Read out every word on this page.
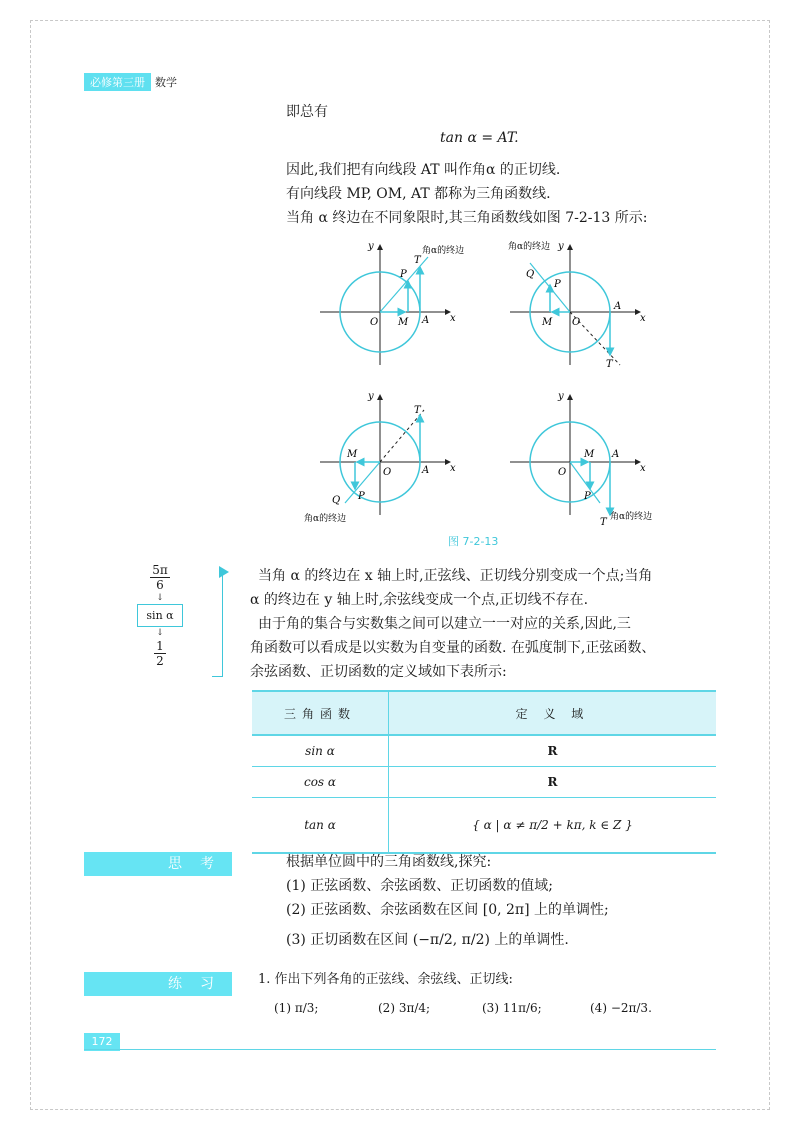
必修第三册 数学
即总有
tan α = AT.
因此,我们把有向线段 AT 叫作角α 的正切线.
有向线段 MP, OM, AT 都称为三角函数线.
当角 α 终边在不同象限时,其三角函数线如图 7-2-13 所示:
O M A
P
T
x
y	角α的终边
O
M
A
P
Q
T
x
y
角α的终边
O
M
A
P
Q
T
x
y
角α的终边
O
M A
P
T
x
y
角α的终边
图 7-2-13
$\frac{5\pi}{6}$
↓
sin α
↓
$\frac{1}{2}$
当角 α 的终边在 x 轴上时,正弦线、正切线分别变成一个点;当角
α 的终边在 y 轴上时,余弦线变成一个点,正切线不存在.
由于角的集合与实数集之间可以建立一一对应的关系,因此,三
角函数可以看成是以实数为自变量的函数. 在弧度制下,正弦函数、
余弦函数、正切函数的定义域如下表所示:
三角函数	定 义 域
sin α	R
cos α	R
tan α	{ α | α ≠ π/2 + kπ, k ∈ Z }
思考	根据单位圆中的三角函数线,探究:
(1) 正弦函数、余弦函数、正切函数的值域;
(2) 正弦函数、余弦函数在区间 [0, 2π] 上的单调性;
(3) 正切函数在区间 (−π/2, π/2) 上的单调性.
练习 1. 作出下列各角的正弦线、余弦线、正切线:
(1) π/3;	(2) 3π/4;	(3) 11π/6;	(4) −2π/3.
172
